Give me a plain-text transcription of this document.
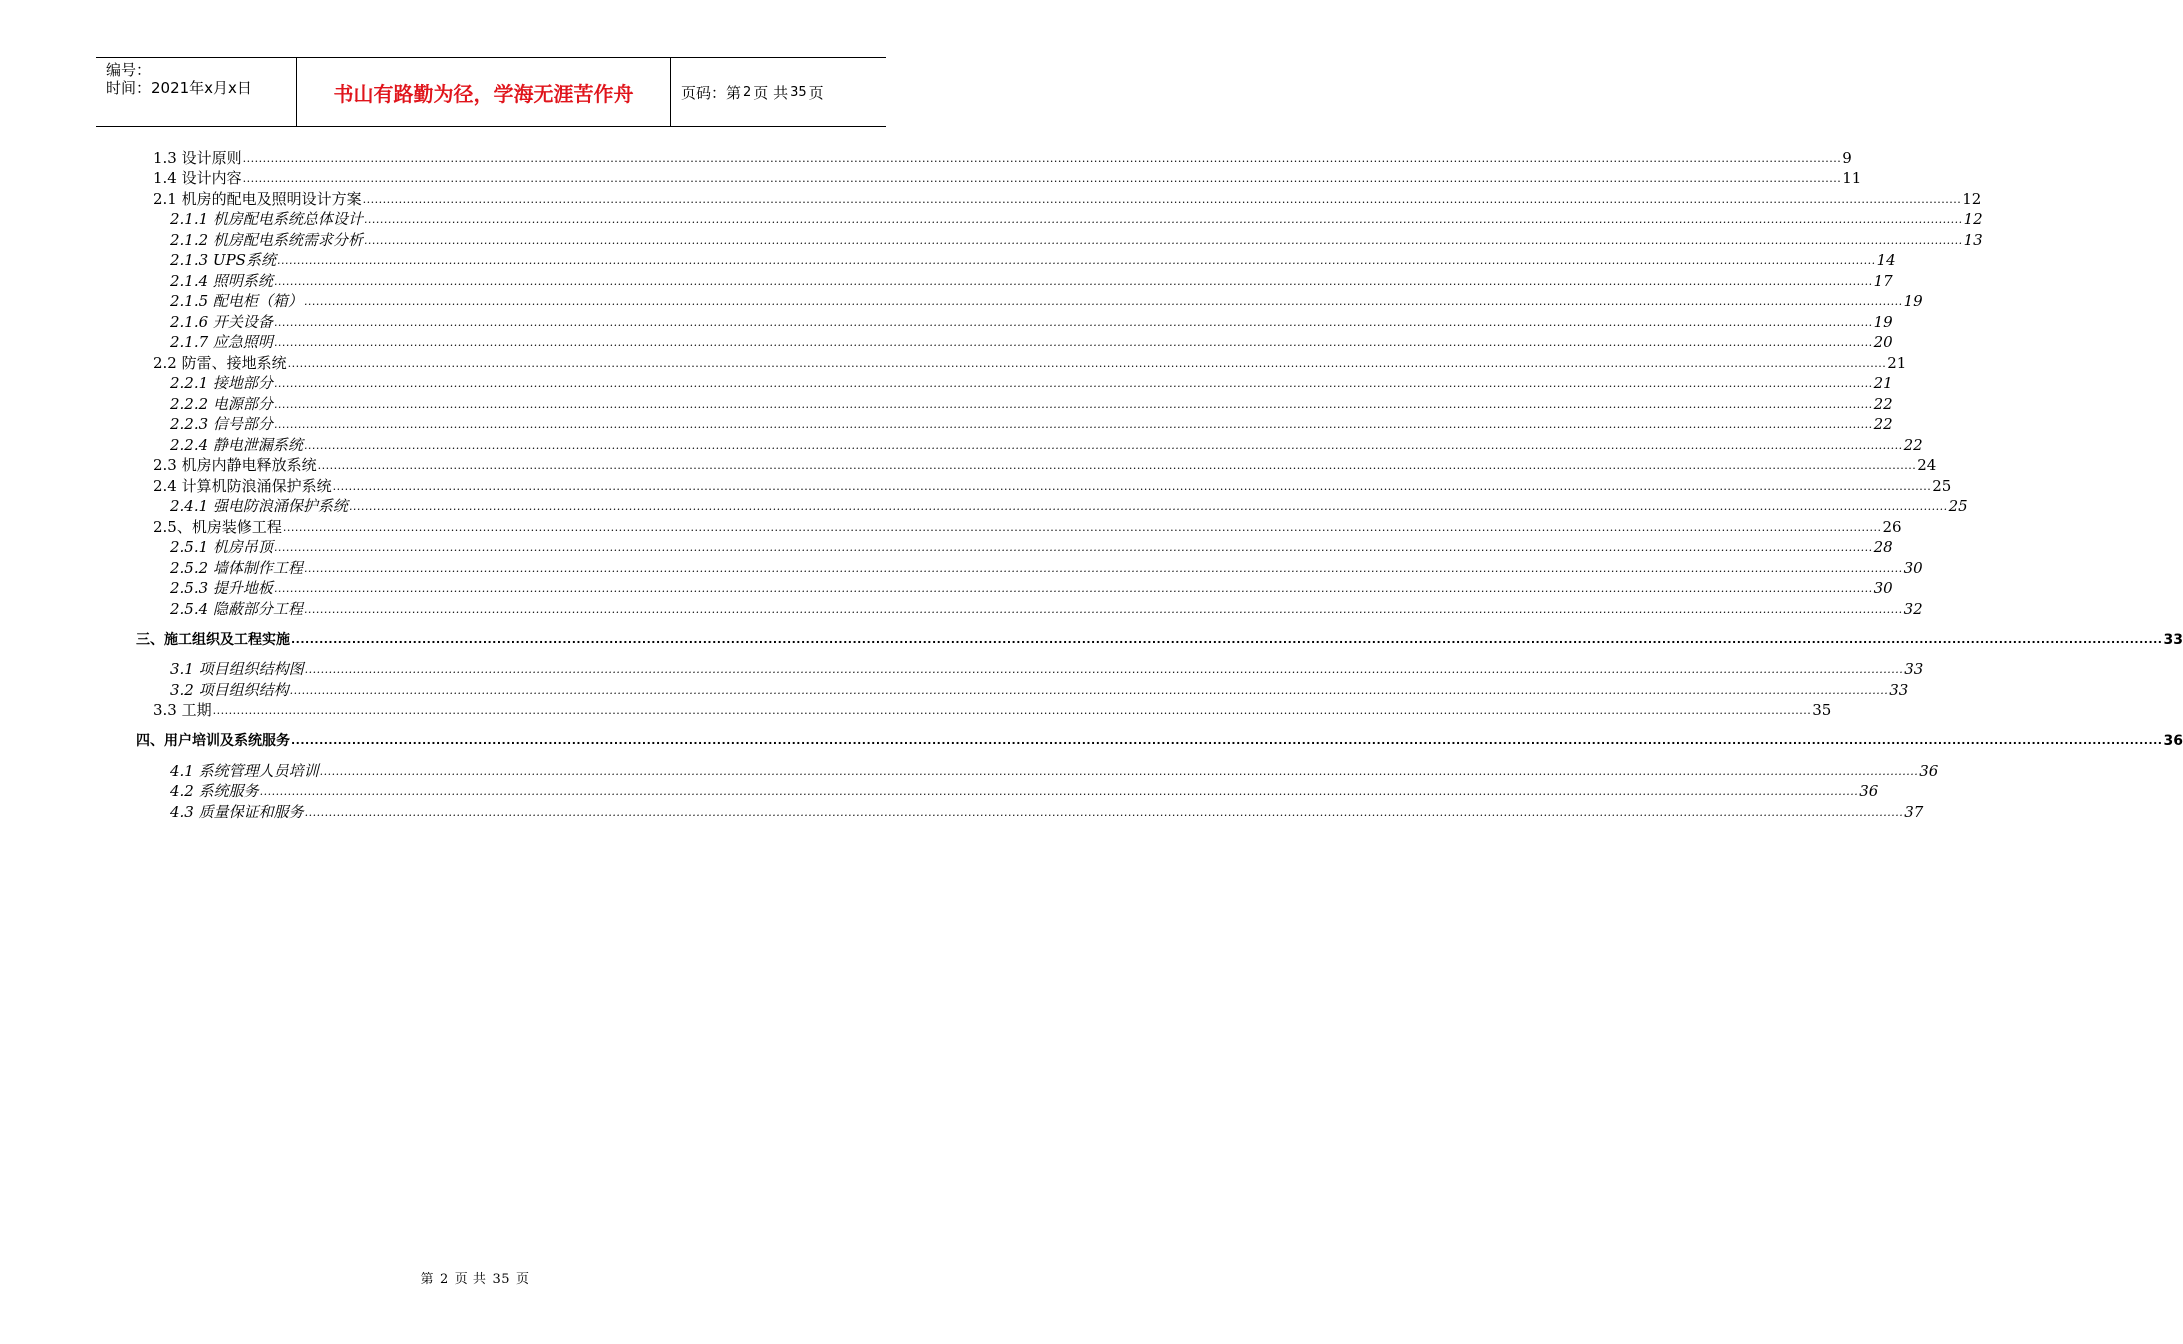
编号：
时间：2021年x月x日	书山有路勤为径，学海无涯苦作舟	页码：第 2 页 共 35 页
1.3 设计原则 ................................................................................................................................................................................................................................................................................................................................................................................................................ 9
1.4 设计内容 ................................................................................................................................................................................................................................................................................................................................................................................................................ 11
2.1 机房的配电及照明设计方案 ................................................................................................................................................................................................................................................................................................................................................................................................................ 12
2.1.1 机房配电系统总体设计 ................................................................................................................................................................................................................................................................................................................................................................................................................ 12
2.1.2 机房配电系统需求分析 ................................................................................................................................................................................................................................................................................................................................................................................................................ 13
2.1.3 UPS系统 ................................................................................................................................................................................................................................................................................................................................................................................................................ 14
2.1.4 照明系统 ................................................................................................................................................................................................................................................................................................................................................................................................................ 17
2.1.5 配电柜（箱） ................................................................................................................................................................................................................................................................................................................................................................................................................ 19
2.1.6 开关设备 ................................................................................................................................................................................................................................................................................................................................................................................................................ 19
2.1.7 应急照明 ................................................................................................................................................................................................................................................................................................................................................................................................................ 20
2.2 防雷、接地系统 ................................................................................................................................................................................................................................................................................................................................................................................................................ 21
2.2.1 接地部分 ................................................................................................................................................................................................................................................................................................................................................................................................................ 21
2.2.2 电源部分 ................................................................................................................................................................................................................................................................................................................................................................................................................ 22
2.2.3 信号部分 ................................................................................................................................................................................................................................................................................................................................................................................................................ 22
2.2.4 静电泄漏系统 ................................................................................................................................................................................................................................................................................................................................................................................................................ 22
2.3 机房内静电释放系统 ................................................................................................................................................................................................................................................................................................................................................................................................................ 24
2.4 计算机防浪涌保护系统 ................................................................................................................................................................................................................................................................................................................................................................................................................ 25
2.4.1 强电防浪涌保护系统 ................................................................................................................................................................................................................................................................................................................................................................................................................ 25
2.5、机房装修工程 ................................................................................................................................................................................................................................................................................................................................................................................................................ 26
2.5.1 机房吊顶 ................................................................................................................................................................................................................................................................................................................................................................................................................ 28
2.5.2 墙体制作工程 ................................................................................................................................................................................................................................................................................................................................................................................................................ 30
2.5.3 提升地板 ................................................................................................................................................................................................................................................................................................................................................................................................................ 30
2.5.4 隐蔽部分工程 ................................................................................................................................................................................................................................................................................................................................................................................................................ 32
三、施工组织及工程实施 ................................................................................................................................................................................................................................................................................................................................................................................................................ 33
3.1 项目组织结构图 ................................................................................................................................................................................................................................................................................................................................................................................................................ 33
3.2 项目组织结构 ................................................................................................................................................................................................................................................................................................................................................................................................................ 33
3.3 工期 ................................................................................................................................................................................................................................................................................................................................................................................................................ 35
四、用户培训及系统服务 ................................................................................................................................................................................................................................................................................................................................................................................................................ 36
4.1 系统管理人员培训 ................................................................................................................................................................................................................................................................................................................................................................................................................ 36
4.2 系统服务 ................................................................................................................................................................................................................................................................................................................................................................................................................ 36
4.3 质量保证和服务 ................................................................................................................................................................................................................................................................................................................................................................................................................ 37
第 2 页 共 35 页
